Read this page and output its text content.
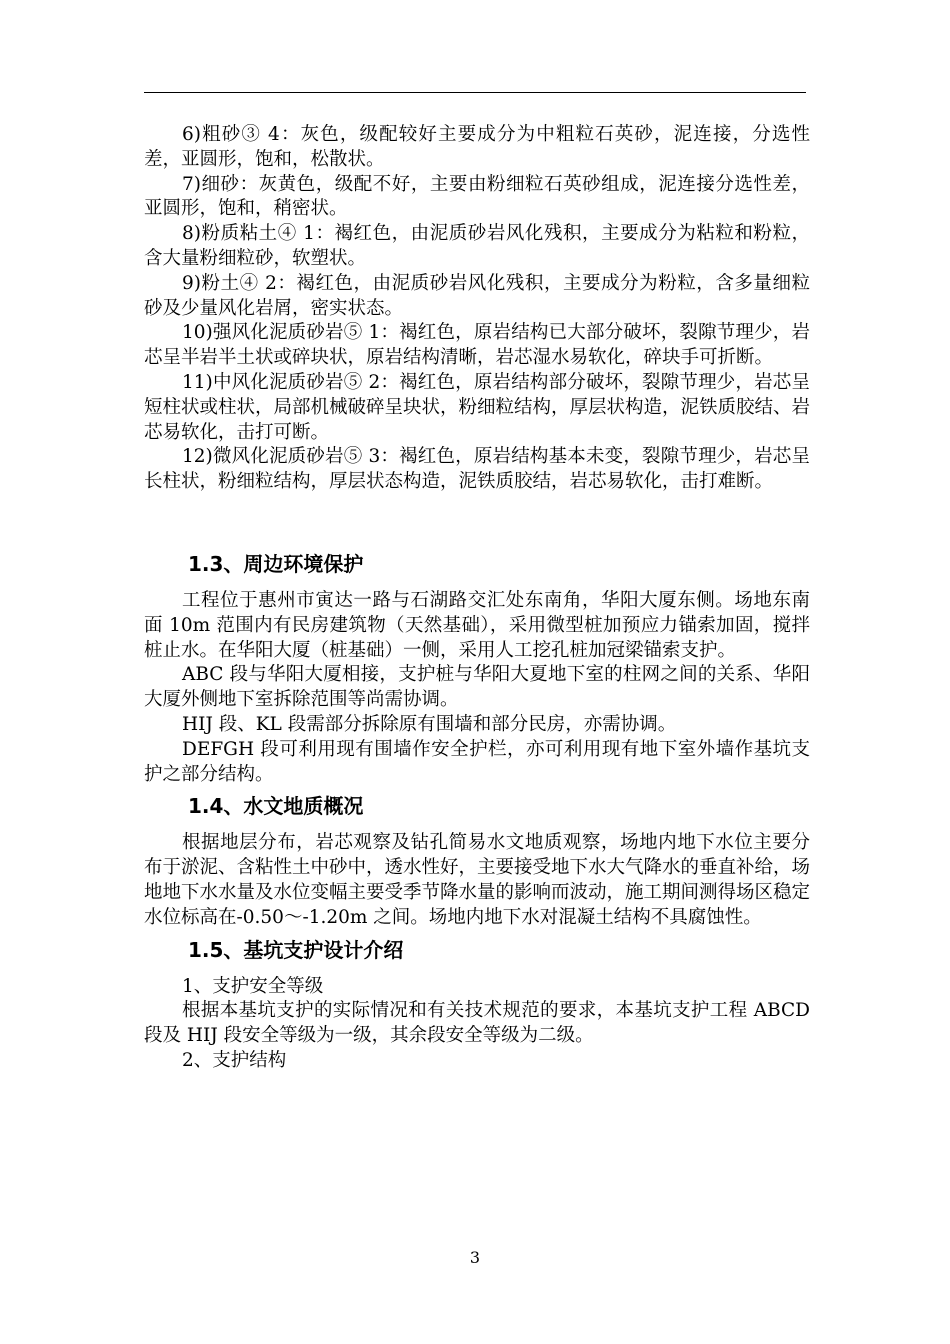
6)粗砂③ 4：灰色，级配较好主要成分为中粗粒石英砂，泥连接，分选性差，亚圆形，饱和，松散状。

7)细砂：灰黄色，级配不好，主要由粉细粒石英砂组成，泥连接分选性差，亚圆形，饱和，稍密状。

8)粉质粘土④ 1：褐红色，由泥质砂岩风化残积，主要成分为粘粒和粉粒，含大量粉细粒砂，软塑状。

9)粉土④ 2：褐红色，由泥质砂岩风化残积，主要成分为粉粒，含多量细粒砂及少量风化岩屑，密实状态。

10)强风化泥质砂岩⑤ 1：褐红色，原岩结构已大部分破坏，裂隙节理少，岩芯呈半岩半土状或碎块状，原岩结构清晰，岩芯湿水易软化，碎块手可折断。

11)中风化泥质砂岩⑤ 2：褐红色，原岩结构部分破坏，裂隙节理少，岩芯呈短柱状或柱状，局部机械破碎呈块状，粉细粒结构，厚层状构造，泥铁质胶结、岩芯易软化，击打可断。

12)微风化泥质砂岩⑤ 3：褐红色，原岩结构基本未变，裂隙节理少，岩芯呈长柱状，粉细粒结构，厚层状态构造，泥铁质胶结，岩芯易软化，击打难断。

1.3、周边环境保护

工程位于惠州市寅达一路与石湖路交汇处东南角，华阳大厦东侧。场地东南面 10m 范围内有民房建筑物（天然基础），采用微型桩加预应力锚索加固，搅拌桩止水。在华阳大厦（桩基础）一侧，采用人工挖孔桩加冠梁锚索支护。

ABC 段与华阳大厦相接，支护桩与华阳大夏地下室的柱网之间的关系、华阳大厦外侧地下室拆除范围等尚需协调。

HIJ 段、KL 段需部分拆除原有围墙和部分民房，亦需协调。

DEFGH 段可利用现有围墙作安全护栏，亦可利用现有地下室外墙作基坑支护之部分结构。

1.4、水文地质概况

根据地层分布，岩芯观察及钻孔简易水文地质观察，场地内地下水位主要分布于淤泥、含粘性土中砂中，透水性好，主要接受地下水大气降水的垂直补给，场地地下水水量及水位变幅主要受季节降水量的影响而波动，施工期间测得场区稳定水位标高在-0.50～-1.20m 之间。场地内地下水对混凝土结构不具腐蚀性。

1.5、基坑支护设计介绍

1、支护安全等级

根据本基坑支护的实际情况和有关技术规范的要求，本基坑支护工程 ABCD 段及 HIJ 段安全等级为一级，其余段安全等级为二级。

2、支护结构

3
